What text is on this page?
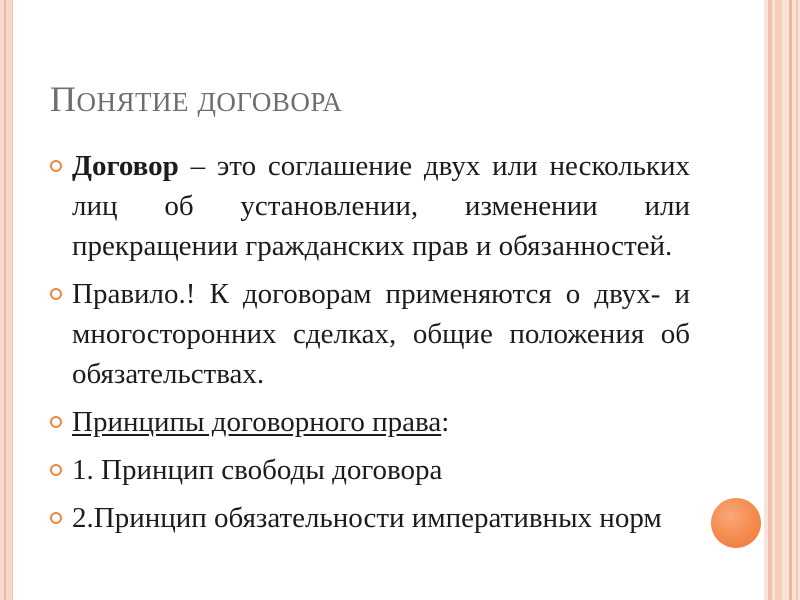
ПОНЯТИЕ ДОГОВОРА
Договор – это соглашение двух или нескольких лиц об установлении, изменении или прекращении гражданских прав и обязанностей.
Правило.! К договорам применяются о двух- и многосторонних сделках, общие положения об обязательствах.
Принципы договорного права:
1. Принцип свободы договора
2.Принцип обязательности императивных норм
